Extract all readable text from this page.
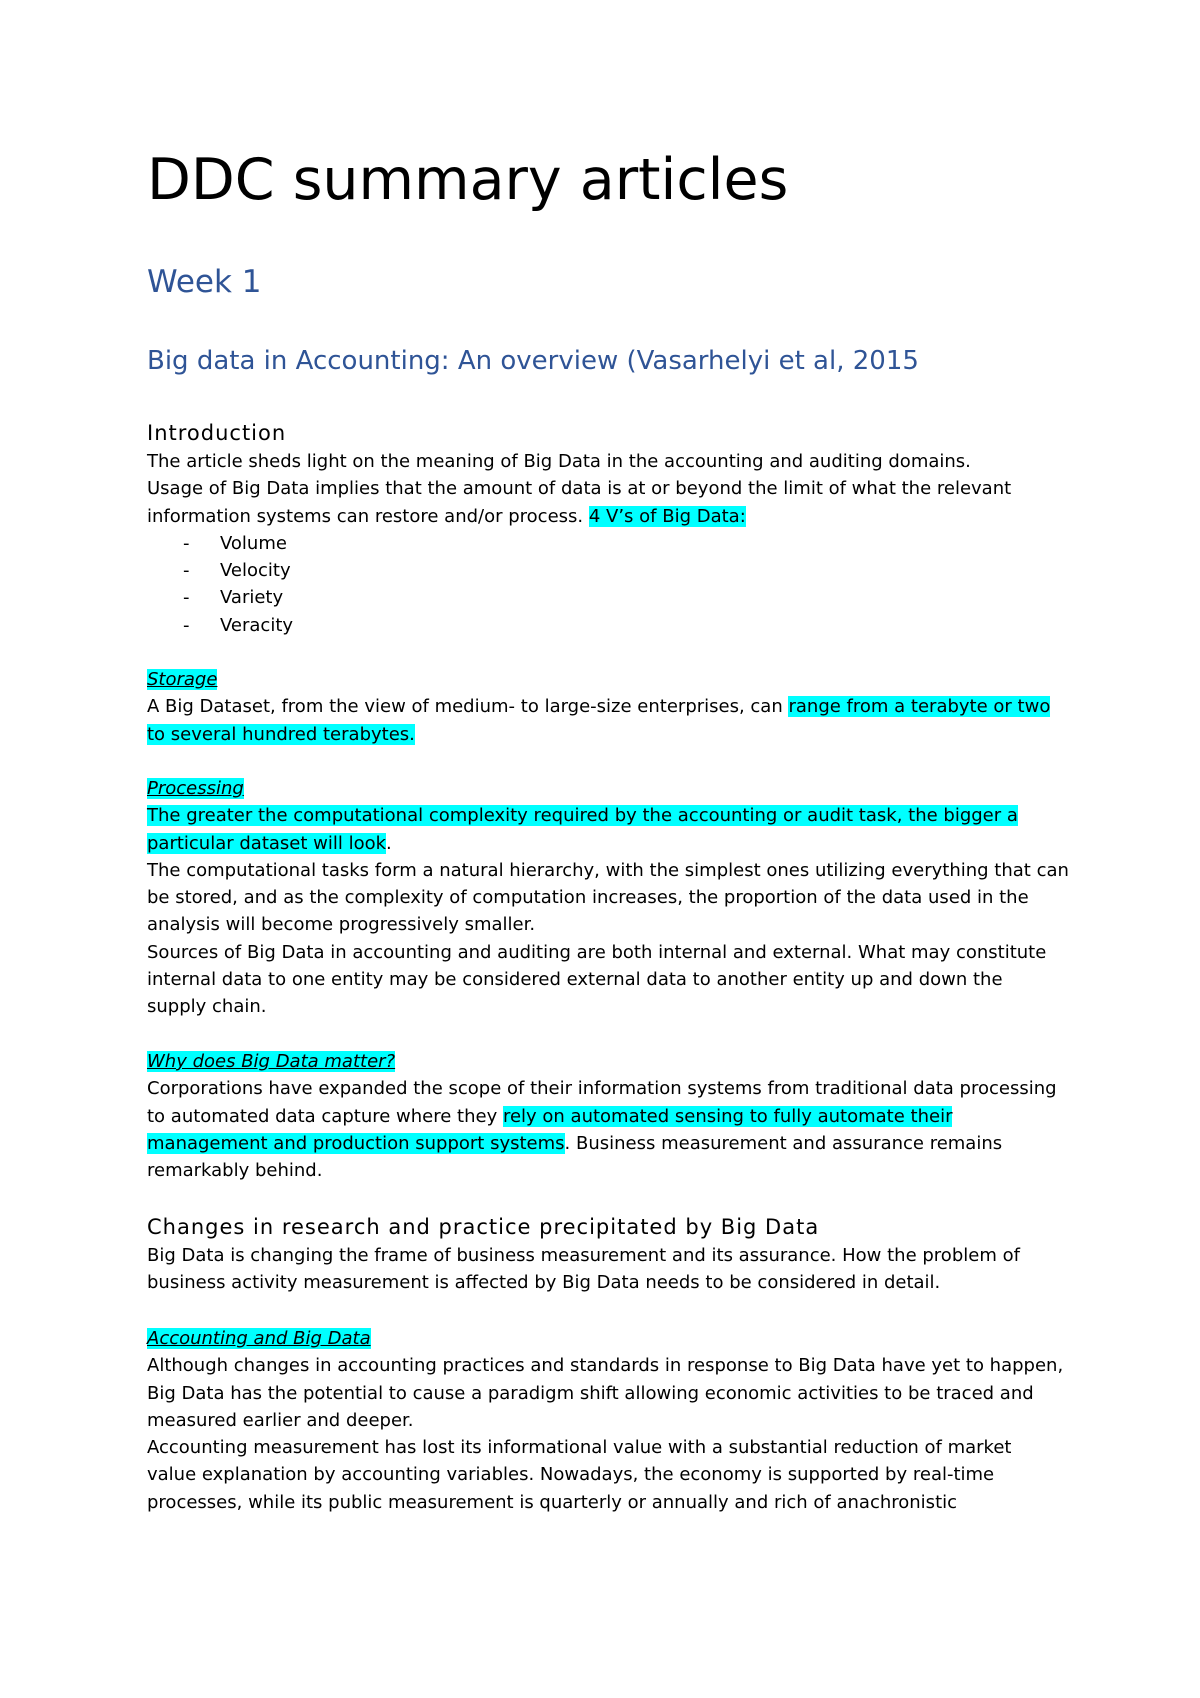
DDC summary articles
Week 1
Big data in Accounting: An overview (Vasarhelyi et al, 2015
Introduction
The article sheds light on the meaning of Big Data in the accounting and auditing domains.
Usage of Big Data implies that the amount of data is at or beyond the limit of what the relevant
information systems can restore and/or process. 4 V’s of Big Data:
- Volume
- Velocity
- Variety
- Veracity
Storage
A Big Dataset, from the view of medium- to large-size enterprises, can range from a terabyte or two
to several hundred terabytes.
Processing
The greater the computational complexity required by the accounting or audit task, the bigger a
particular dataset will look.
The computational tasks form a natural hierarchy, with the simplest ones utilizing everything that can
be stored, and as the complexity of computation increases, the proportion of the data used in the
analysis will become progressively smaller.
Sources of Big Data in accounting and auditing are both internal and external. What may constitute
internal data to one entity may be considered external data to another entity up and down the
supply chain.
Why does Big Data matter?
Corporations have expanded the scope of their information systems from traditional data processing
to automated data capture where they rely on automated sensing to fully automate their
management and production support systems. Business measurement and assurance remains
remarkably behind.
Changes in research and practice precipitated by Big Data
Big Data is changing the frame of business measurement and its assurance. How the problem of
business activity measurement is affected by Big Data needs to be considered in detail.
Accounting and Big Data
Although changes in accounting practices and standards in response to Big Data have yet to happen,
Big Data has the potential to cause a paradigm shift allowing economic activities to be traced and
measured earlier and deeper.
Accounting measurement has lost its informational value with a substantial reduction of market
value explanation by accounting variables. Nowadays, the economy is supported by real-time
processes, while its public measurement is quarterly or annually and rich of anachronistic
